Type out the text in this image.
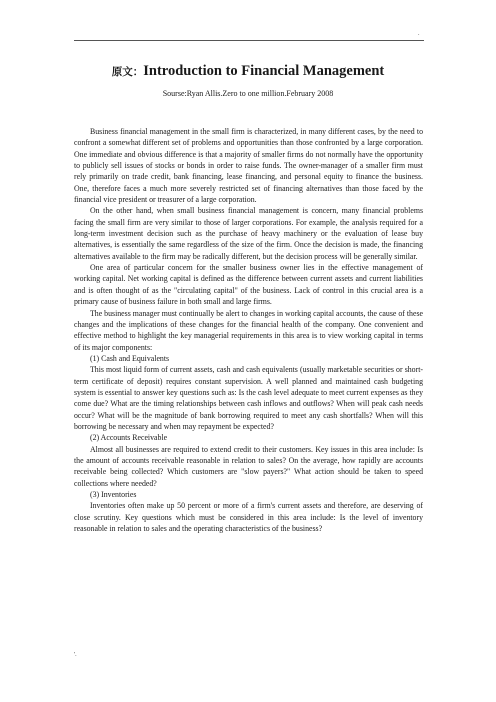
.
原文：Introduction to Financial Management
Sourse:Ryan Allis.Zero to one million.February 2008

Business financial management in the small firm is characterized, in many different cases, by the need to confront a somewhat different set of problems and opportunities than those confronted by a large corporation. One immediate and obvious difference is that a majority of smaller firms do not normally have the opportunity to publicly sell issues of stocks or bonds in order to raise funds. The owner-manager of a smaller firm must rely primarily on trade credit, bank financing, lease financing, and personal equity to finance the business. One, therefore faces a much more severely restricted set of financing alternatives than those faced by the financial vice president or treasurer of a large corporation.

On the other hand, when small business financial management is concern, many financial problems facing the small firm are very similar to those of larger corporations. For example, the analysis required for a long-term investment decision such as the purchase of heavy machinery or the evaluation of lease buy alternatives, is essentially the same regardless of the size of the firm. Once the decision is made, the financing alternatives available to the firm may be radically different, but the decision process will be generally similar.

One area of particular concern for the smaller business owner lies in the effective management of working capital. Net working capital is defined as the difference between current assets and current liabilities and is often thought of as the "circulating capital" of the business. Lack of control in this crucial area is a primary cause of business failure in both small and large firms.

The business manager must continually be alert to changes in working capital accounts, the cause of these changes and the implications of these changes for the financial health of the company. One convenient and effective method to highlight the key managerial requirements in this area is to view working capital in terms of its major components:

(1) Cash and Equivalents

This most liquid form of current assets, cash and cash equivalents (usually marketable securities or short-term certificate of deposit) requires constant supervision. A well planned and maintained cash budgeting system is essential to answer key questions such as: Is the cash level adequate to meet current expenses as they come due? What are the timing relationships between cash inflows and outflows? When will peak cash needs occur? What will be the magnitude of bank borrowing required to meet any cash shortfalls? When will this borrowing be necessary and when may repayment be expected?

(2) Accounts Receivable

Almost all businesses are required to extend credit to their customers. Key issues in this area include: Is the amount of accounts receivable reasonable in relation to sales? On the average, how rapidly are accounts receivable being collected? Which customers are "slow payers?" What action should be taken to speed collections where needed?

(3) Inventories

Inventories often make up 50 percent or more of a firm's current assets and therefore, are deserving of close scrutiny. Key questions which must be considered in this area include: Is the level of inventory reasonable in relation to sales and the operating characteristics of the business?

'.
